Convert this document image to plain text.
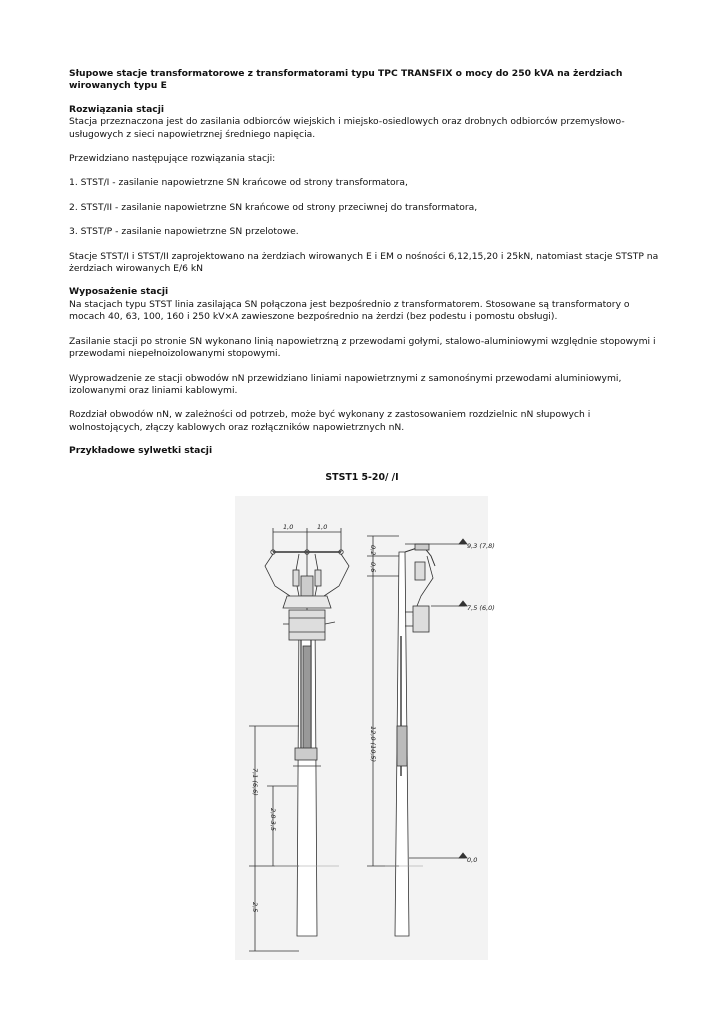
Słupowe stacje transformatorowe z transformatorami typu TPC TRANSFIX o mocy do 250 kVA na żerdziach wirowanych typu E

Rozwiązania stacji

Stacja przeznaczona jest do zasilania odbiorców wiejskich i miejsko-osiedlowych oraz drobnych odbiorców przemysłowo-usługowych z sieci napowietrznej średniego napięcia.

Przewidziano następujące rozwiązania stacji:

1. STST/I - zasilanie napowietrzne SN krańcowe od strony transformatora,

2. STST/II - zasilanie napowietrzne SN krańcowe od strony przeciwnej do transformatora,

3. STST/P - zasilanie napowietrzne SN przelotowe.

Stacje STST/I i STST/II zaprojektowano na żerdziach wirowanych E i EM o nośności 6,12,15,20 i 25kN, natomiast stacje STSTP na żerdziach wirowanych E/6 kN

Wyposażenie stacji

Na stacjach typu STST linia zasilająca SN połączona jest bezpośrednio z transformatorem. Stosowane są transformatory o mocach 40, 63, 100, 160 i 250 kV×A zawieszone bezpośrednio na żerdzi (bez podestu i pomostu obsługi).

Zasilanie stacji po stronie SN wykonano linią napowietrzną z przewodami gołymi, stalowo-aluminiowymi względnie stopowymi i przewodami niepełnoizolowanymi stopowymi.

Wyprowadzenie ze stacji obwodów nN przewidziano liniami napowietrznymi z samonośnymi przewodami aluminiowymi, izolowanymi oraz liniami kablowymi.

Rozdział obwodów nN, w zależności od potrzeb, może być wykonany z zastosowaniem rozdzielnic nN słupowych i wolnostojących, złączy kablowych oraz rozłączników napowietrznych nN.

Przykładowe sylwetki stacji

STST1 5-20/ /I
1,0	1,0
0,2
0,6
7,1 (6,6)
2,8-3,5
2,5
12,0 (10,5)
9,3 (7,8)
7,5 (6,0)
0,0
